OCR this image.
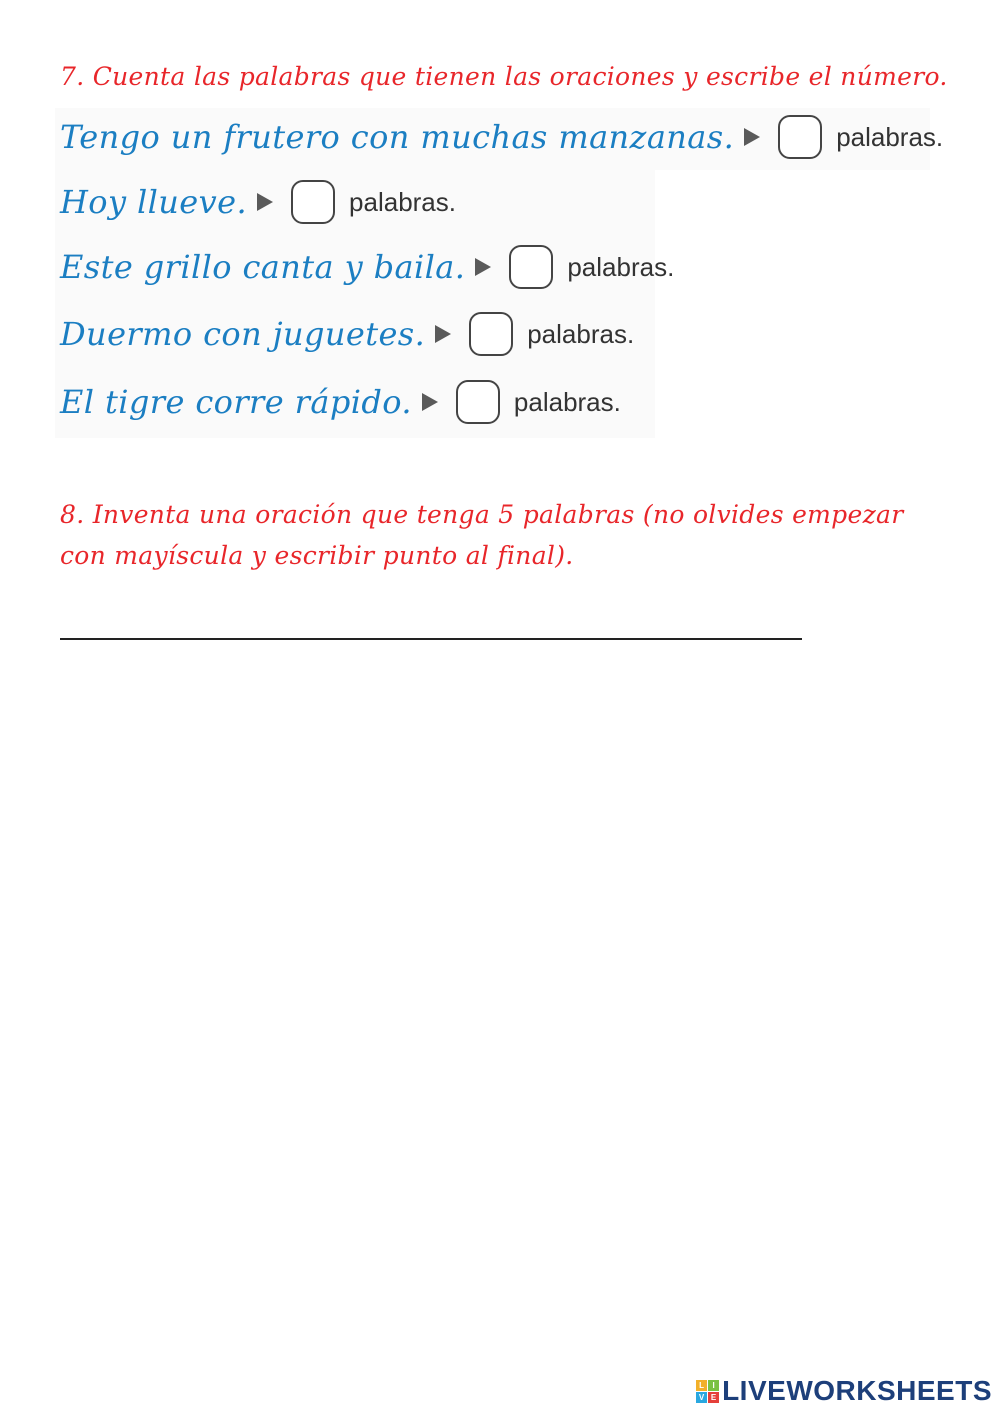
7. Cuenta las palabras que tienen las oraciones y escribe el número.

Tengo un frutero con muchas manzanas.	palabras.
Hoy llueve.	palabras.
Este grillo canta y baila.	palabras.
Duermo con juguetes.	palabras.
El tigre corre rápido.	palabras.

8. Inventa una oración que tenga 5 palabras (no olvides empezar

con mayíscula y escribir punto al final).

L	I
V E LIVEWORKSHEETS
